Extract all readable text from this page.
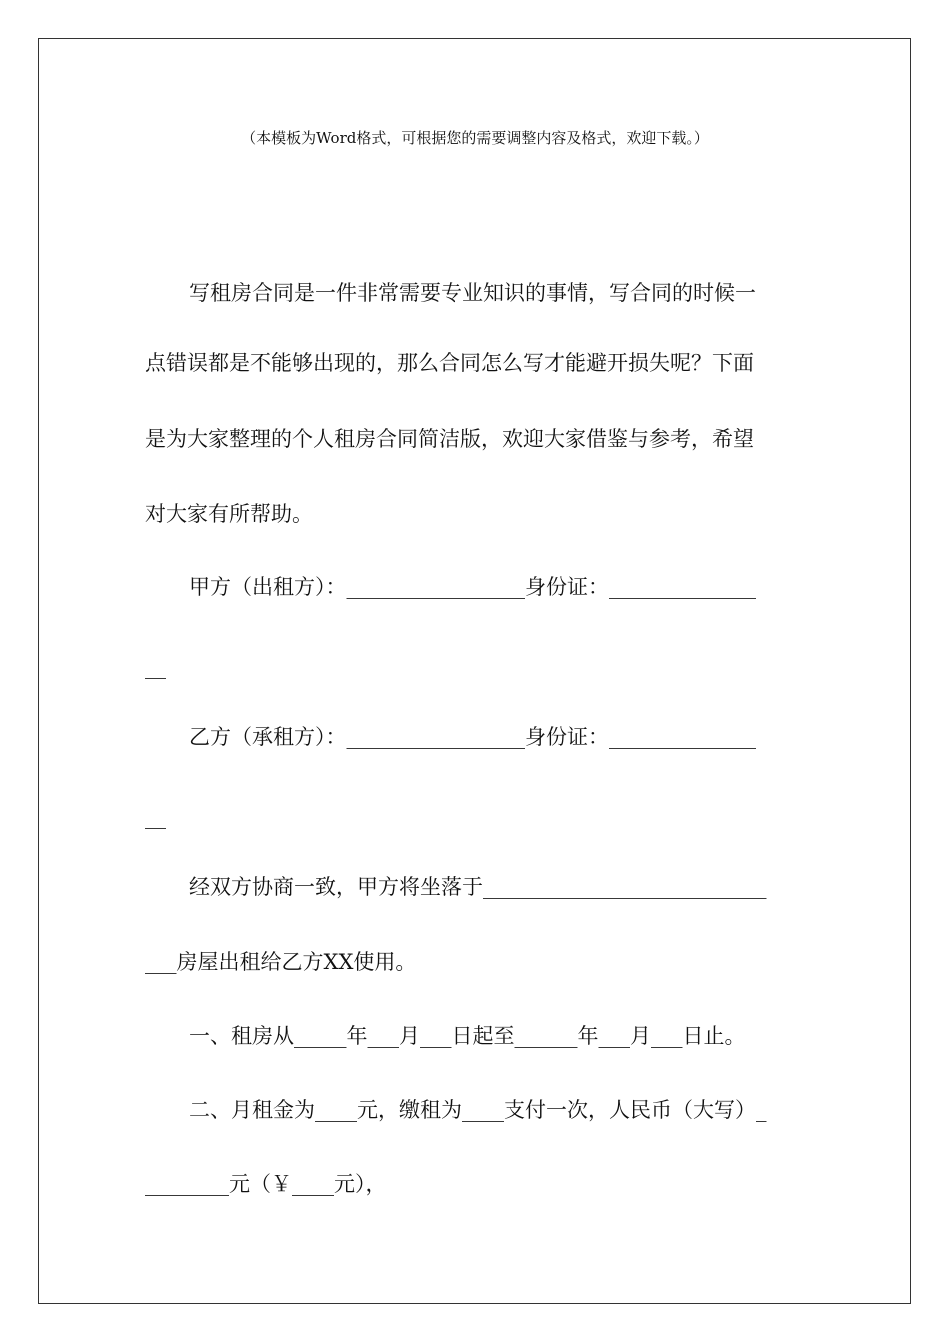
（本模板为Word格式，可根据您的需要调整内容及格式，欢迎下载。）
写租房合同是一件非常需要专业知识的事情，写合同的时候一
点错误都是不能够出现的，那么合同怎么写才能避开损失呢？下面
是为大家整理的个人租房合同简洁版，欢迎大家借鉴与参考，希望
对大家有所帮助。
甲方（出租方）：_________________身份证：______________
__
乙方（承租方）：_________________身份证：______________
__
经双方协商一致，甲方将坐落于___________________________
___房屋出租给乙方XX使用。
一、租房从_____年___月___日起至______年___月___日止。
二、月租金为____元，缴租为____支付一次，人民币（大写）_
________元（￥____元），
